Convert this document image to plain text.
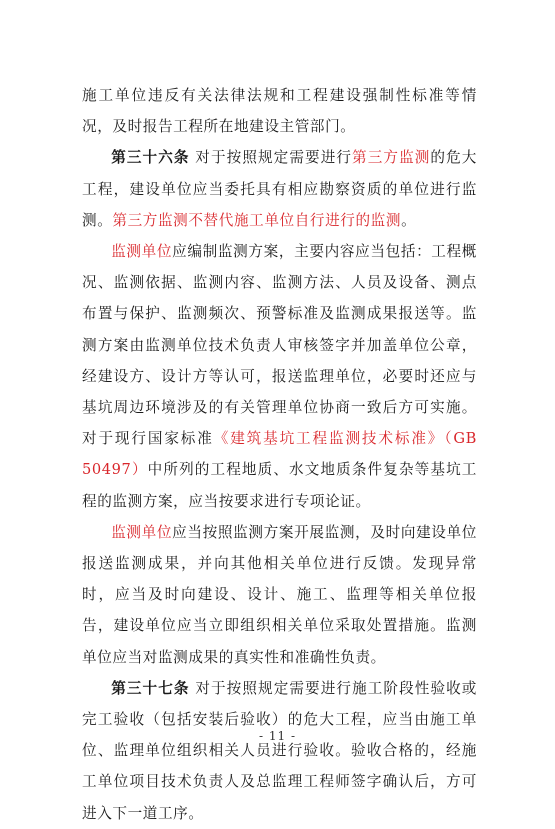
施工单位违反有关法律法规和工程建设强制性标准等情况，及时报告工程所在地建设主管部门。

第三十六条 对于按照规定需要进行第三方监测的危大工程，建设单位应当委托具有相应勘察资质的单位进行监测。第三方监测不替代施工单位自行进行的监测。

监测单位应编制监测方案，主要内容应当包括：工程概况、监测依据、监测内容、监测方法、人员及设备、测点布置与保护、监测频次、预警标准及监测成果报送等。监测方案由监测单位技术负责人审核签字并加盖单位公章，经建设方、设计方等认可，报送监理单位，必要时还应与基坑周边环境涉及的有关管理单位协商一致后方可实施。对于现行国家标准《建筑基坑工程监测技术标准》（GB 50497）中所列的工程地质、水文地质条件复杂等基坑工程的监测方案，应当按要求进行专项论证。

监测单位应当按照监测方案开展监测，及时向建设单位报送监测成果，并向其他相关单位进行反馈。发现异常时，应当及时向建设、设计、施工、监理等相关单位报告，建设单位应当立即组织相关单位采取处置措施。监测单位应当对监测成果的真实性和准确性负责。

第三十七条 对于按照规定需要进行施工阶段性验收或完工验收（包括安装后验收）的危大工程，应当由施工单位、监理单位组织相关人员进行验收。验收合格的，经施工单位项目技术负责人及总监理工程师签字确认后，方可进入下一道工序。

- 11 -
